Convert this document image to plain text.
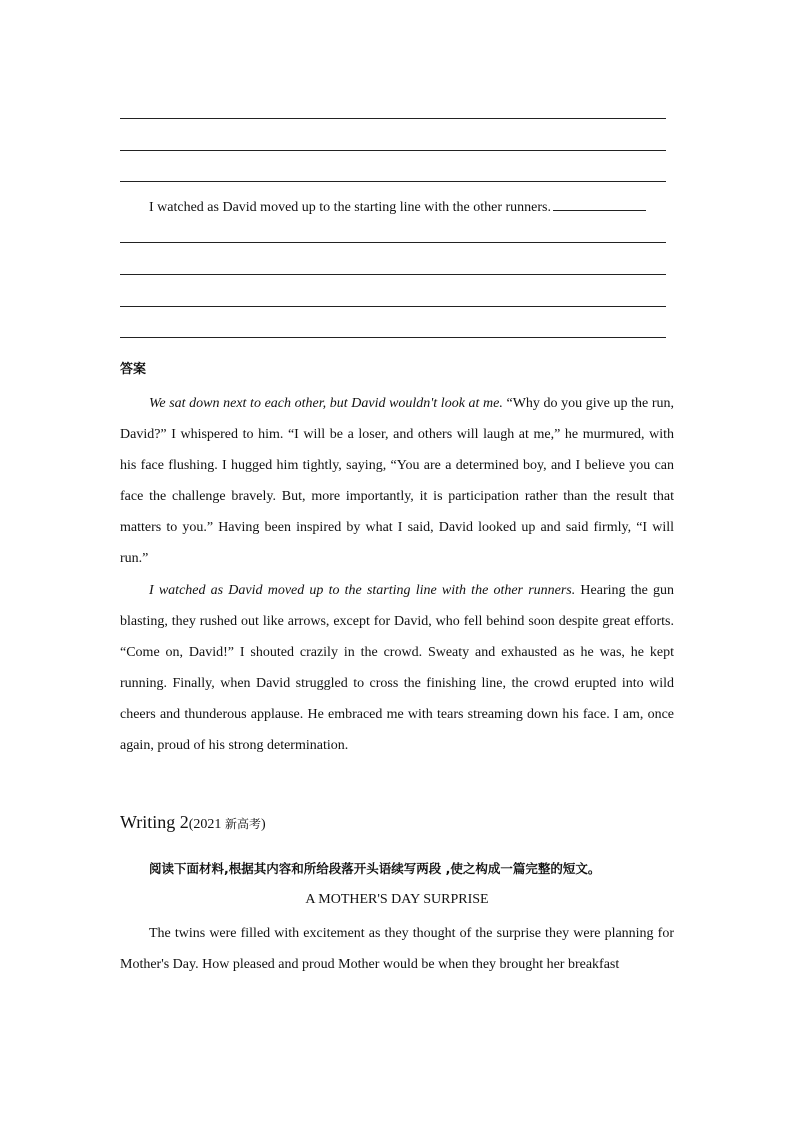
I watched as David moved up to the starting line with the other runners.
答案

We sat down next to each other, but David wouldn't look at me. “Why do you give up the run, David?” I whispered to him. “I will be a loser, and others will laugh at me,” he murmured, with his face flushing. I hugged him tightly, saying, “You are a determined boy, and I believe you can face the challenge bravely. But, more importantly, it is participation rather than the result that matters to you.” Having been inspired by what I said, David looked up and said firmly, “I will run.”

I watched as David moved up to the starting line with the other runners. Hearing the gun blasting, they rushed out like arrows, except for David, who fell behind soon despite great efforts. “Come on, David!” I shouted crazily in the crowd. Sweaty and exhausted as he was, he kept running. Finally, when David struggled to cross the finishing line, the crowd erupted into wild cheers and thunderous applause. He embraced me with tears streaming down his face. I am, once again, proud of his strong determination.

Writing 2(2021 新高考)
阅读下面材料,根据其内容和所给段落开头语续写两段 ,使之构成一篇完整的短文。
A MOTHER'S DAY SURPRISE

The twins were filled with excitement as they thought of the surprise they were planning for Mother's Day. How pleased and proud Mother would be when they brought her breakfast
